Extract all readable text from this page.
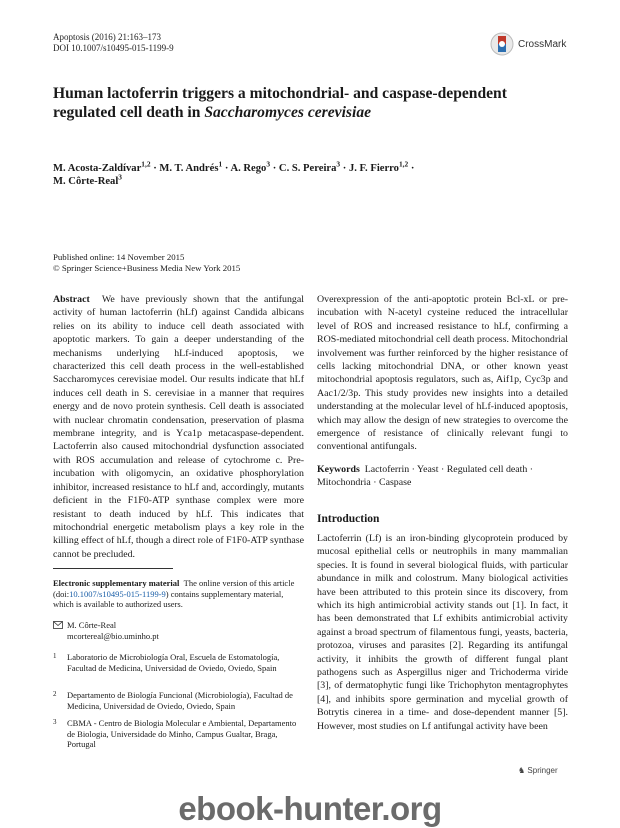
Apoptosis (2016) 21:163–173
DOI 10.1007/s10495-015-1199-9	CrossMark
Human lactoferrin triggers a mitochondrial- and caspase-dependent regulated cell death in Saccharomyces cerevisiae
M. Acosta-Zaldívar$^{1,2}$ · M. T. Andrés$^1$ · A. Rego$^3$ · C. S. Pereira$^3$ · J. F. Fierro$^{1,2}$ ·
M. Côrte-Real$^3$
Published online: 14 November 2015
© Springer Science+Business Media New York 2015

Abstract We have previously shown that the antifungal activity of human lactoferrin (hLf) against Candida albicans relies on its ability to induce cell death associated with apoptotic markers. To gain a deeper understanding of the mechanisms underlying hLf-induced apoptosis, we characterized this cell death process in the well-established Saccharomyces cerevisiae model. Our results indicate that hLf induces cell death in S. cerevisiae in a manner that requires energy and de novo protein synthesis. Cell death is associated with nuclear chromatin condensation, preservation of plasma membrane integrity, and is Yca1p metacaspase-dependent. Lactoferrin also caused mitochondrial dysfunction associated with ROS accumulation and release of cytochrome c. Pre-incubation with oligomycin, an oxidative phosphorylation inhibitor, increased resistance to hLf and, accordingly, mutants deficient in the F1F0-ATP synthase complex were more resistant to death induced by hLf. This indicates that mitochondrial energetic metabolism plays a key role in the killing effect of hLf, though a direct role of F1F0-ATP synthase cannot be precluded.

Overexpression of the anti-apoptotic protein Bcl-xL or pre-incubation with N-acetyl cysteine reduced the intracellular level of ROS and increased resistance to hLf, confirming a ROS-mediated mitochondrial cell death process. Mitochondrial involvement was further reinforced by the higher resistance of cells lacking mitochondrial DNA, or other known yeast mitochondrial apoptosis regulators, such as, Aif1p, Cyc3p and Aac1/2/3p. This study provides new insights into a detailed understanding at the molecular level of hLf-induced apoptosis, which may allow the design of new strategies to overcome the emergence of resistance of clinically relevant fungi to conventional antifungals.

Keywords Lactoferrin · Yeast · Regulated cell death · Mitochondria · Caspase
Introduction
Lactoferrin (Lf) is an iron-binding glycoprotein produced by mucosal epithelial cells or neutrophils in many mammalian species. It is found in several biological fluids, with particular abundance in milk and colostrum. Many biological activities have been attributed to this protein since its discovery, from which its high antimicrobial activity stands out [1]. In fact, it has been demonstrated that Lf exhibits antimicrobial activity against a broad spectrum of filamentous fungi, yeasts, bacteria, protozoa, viruses and parasites [2]. Regarding its antifungal activity, it inhibits the growth of different fungal plant pathogens such as Aspergillus niger and Trichoderma viride [3], of dermatophytic fungi like Trichophyton mentagrophytes [4], and inhibits spore germination and mycelial growth of Botrytis cinerea in a time- and dose-dependent manner [5]. However, most studies on Lf antifungal activity have been
Electronic supplementary material The online version of this article (doi:10.1007/s10495-015-1199-9) contains supplementary material, which is available to authorized users.
M. Côrte-Real
mcortereal@bio.uminho.pt
1 Laboratorio de Microbiología Oral, Escuela de Estomatología, Facultad de Medicina, Universidad de Oviedo, Oviedo, Spain
2 Departamento de Biología Funcional (Microbiología), Facultad de Medicina, Universidad de Oviedo, Oviedo, Spain
3 CBMA - Centro de Biologia Molecular e Ambiental, Departamento de Biologia, Universidade do Minho, Campus Gualtar, Braga, Portugal
♞ Springer
ebook-hunter.org
